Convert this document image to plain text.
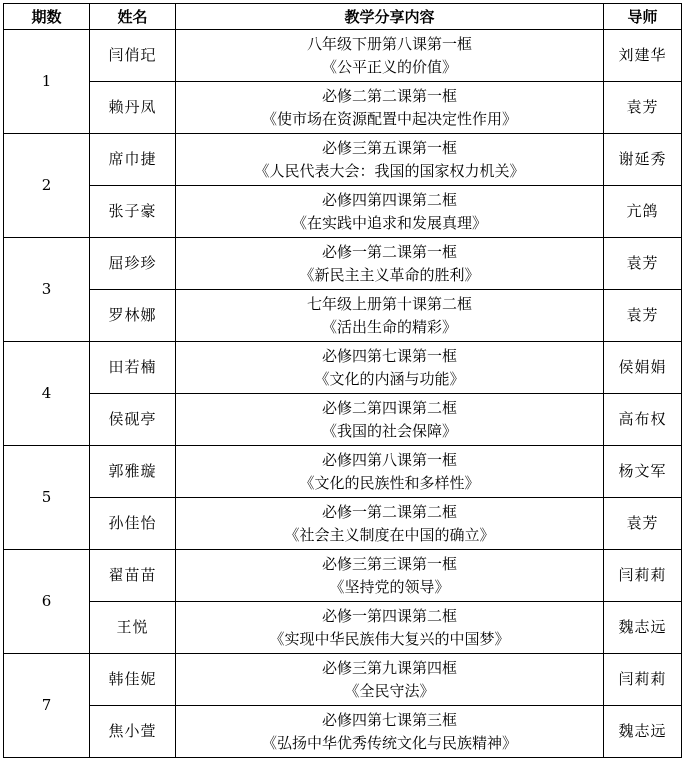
期数	姓名	教学分享内容	导师
1	闫俏玘	八年级下册第八课第一框
《公平正义的价值》	刘建华
	赖丹凤	必修二第二课第一框
《使市场在资源配置中起决定性作用》	袁芳
2	席巾捷	必修三第五课第一框
《人民代表大会：我国的国家权力机关》	谢延秀
	张子豪	必修四第四课第二框
《在实践中追求和发展真理》	亢鸽
3	屈珍珍	必修一第二课第一框
《新民主主义革命的胜利》	袁芳
	罗林娜	七年级上册第十课第二框
《活出生命的精彩》	袁芳
4	田若楠	必修四第七课第一框
《文化的内涵与功能》	侯娟娟
	侯砚亭	必修二第四课第二框
《我国的社会保障》	高布权
5	郭雅璇	必修四第八课第一框
《文化的民族性和多样性》	杨文军
	孙佳怡	必修一第二课第二框
《社会主义制度在中国的确立》	袁芳
6	翟苗苗	必修三第三课第一框
《坚持党的领导》	闫莉莉
	王悦	必修一第四课第二框
《实现中华民族伟大复兴的中国梦》	魏志远
7	韩佳妮	必修三第九课第四框
《全民守法》	闫莉莉
	焦小萱	必修四第七课第三框
《弘扬中华优秀传统文化与民族精神》	魏志远
